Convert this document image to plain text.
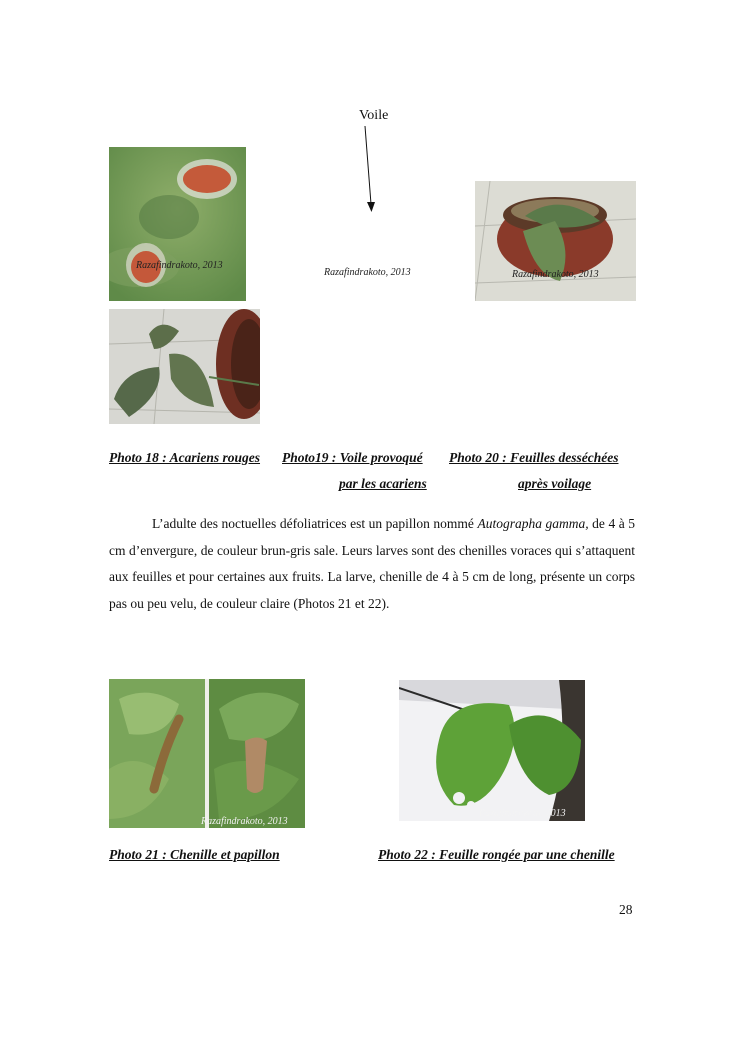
Voile
Razafindrakoto, 2013
Razafindrakoto, 2013	Razafindrakoto, 2013
Photo 18 : Acariens rouges Photo19 : Voile provoqué
par les acariens
Photo 20 : Feuilles desséchées
après voilage

L’adulte des noctuelles défoliatrices est un papillon nommé Autographa gamma, de 4 à 5 cm d’envergure, de couleur brun-gris sale. Leurs larves sont des chenilles voraces qui s’attaquent aux feuilles et pour certaines aux fruits. La larve, chenille de 4 à 5 cm de long, présente un corps pas ou peu velu, de couleur claire (Photos 21 et 22).

Razafindrakoto, 2013
Razafindrakoto, 2013
Photo 21 : Chenille et papillon	Photo 22 : Feuille rongée par une chenille
28
